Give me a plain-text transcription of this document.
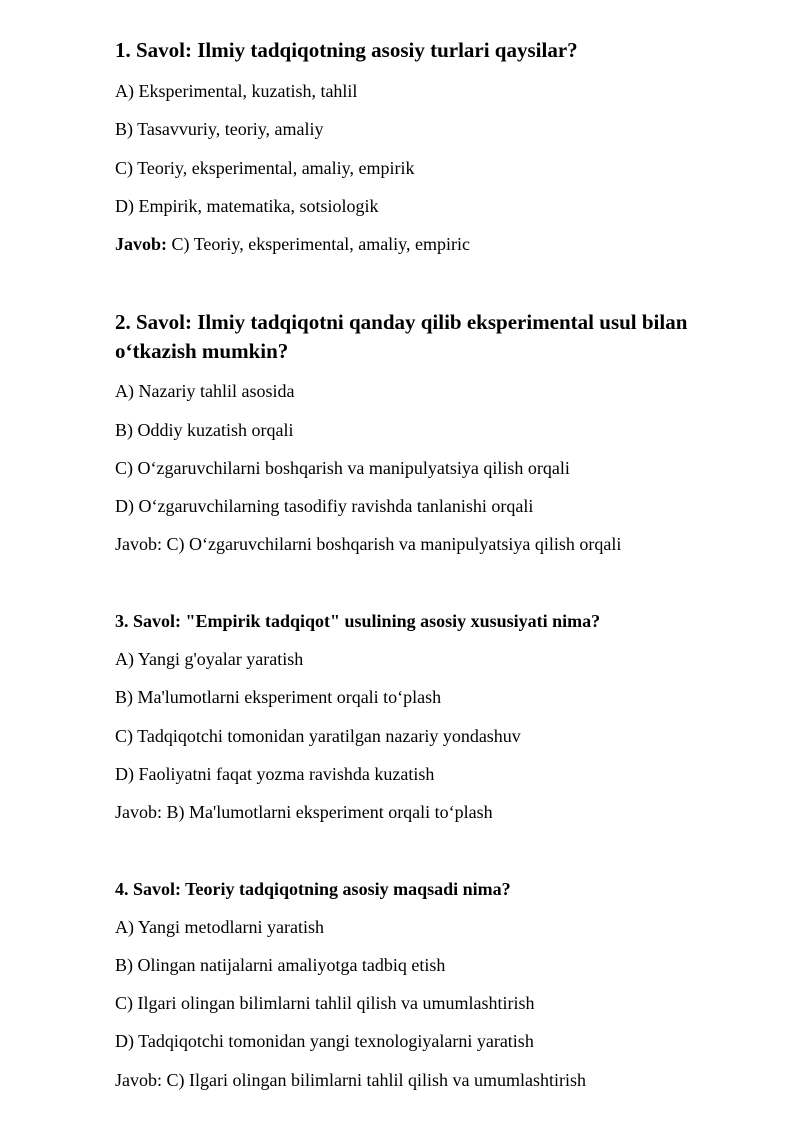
1. Savol: Ilmiy tadqiqotning asosiy turlari qaysilar?
A) Eksperimental, kuzatish, tahlil
B) Tasavvuriy, teoriy, amaliy
C) Teoriy, eksperimental, amaliy, empirik
D) Empirik, matematika, sotsiologik
Javob: C) Teoriy, eksperimental, amaliy, empiric
2. Savol: Ilmiy tadqiqotni qanday qilib eksperimental usul bilan o‘tkazish mumkin?
A) Nazariy tahlil asosida
B) Oddiy kuzatish orqali
C) O‘zgaruvchilarni boshqarish va manipulyatsiya qilish orqali
D) O‘zgaruvchilarning tasodifiy ravishda tanlanishi orqali
Javob: C) O‘zgaruvchilarni boshqarish va manipulyatsiya qilish orqali
3. Savol: "Empirik tadqiqot" usulining asosiy xususiyati nima?
A) Yangi g'oyalar yaratish
B) Ma'lumotlarni eksperiment orqali to‘plash
C) Tadqiqotchi tomonidan yaratilgan nazariy yondashuv
D) Faoliyatni faqat yozma ravishda kuzatish
Javob: B) Ma'lumotlarni eksperiment orqali to‘plash
4. Savol: Teoriy tadqiqotning asosiy maqsadi nima?
A) Yangi metodlarni yaratish
B) Olingan natijalarni amaliyotga tadbiq etish
C) Ilgari olingan bilimlarni tahlil qilish va umumlashtirish
D) Tadqiqotchi tomonidan yangi texnologiyalarni yaratish
Javob: C) Ilgari olingan bilimlarni tahlil qilish va umumlashtirish
